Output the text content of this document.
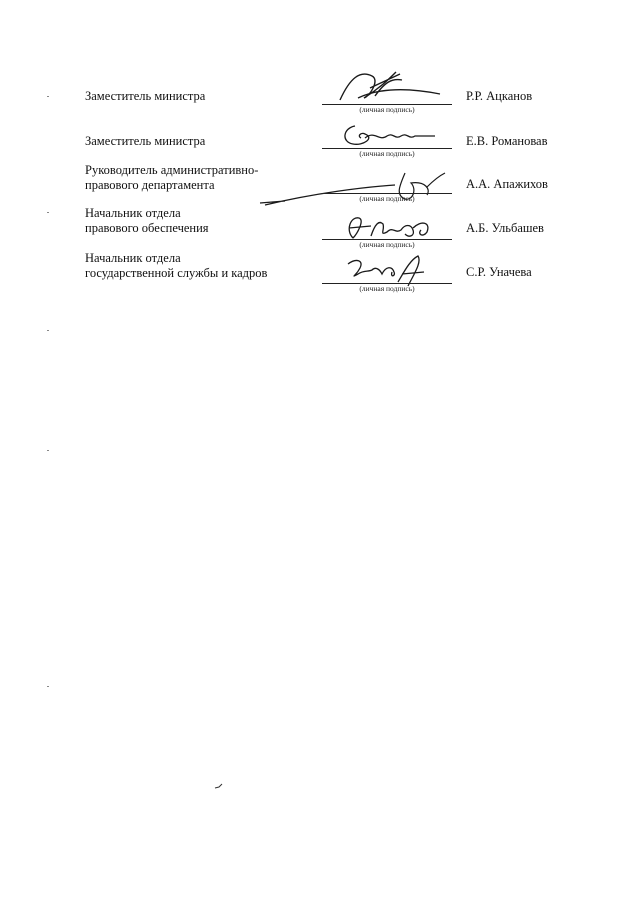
Заместитель министра
(личная подпись)
Р.Р. Ацканов
Заместитель министра
(личная подпись)
Е.В. Романовав
Руководитель административно-
правового департамента
(личная подпись)
А.А. Апажихов
Начальник отдела
правового обеспечения
(личная подпись)
А.Б. Ульбашев
Начальник отдела
государственной службы и кадров
(личная подпись)
С.Р. Уначева
